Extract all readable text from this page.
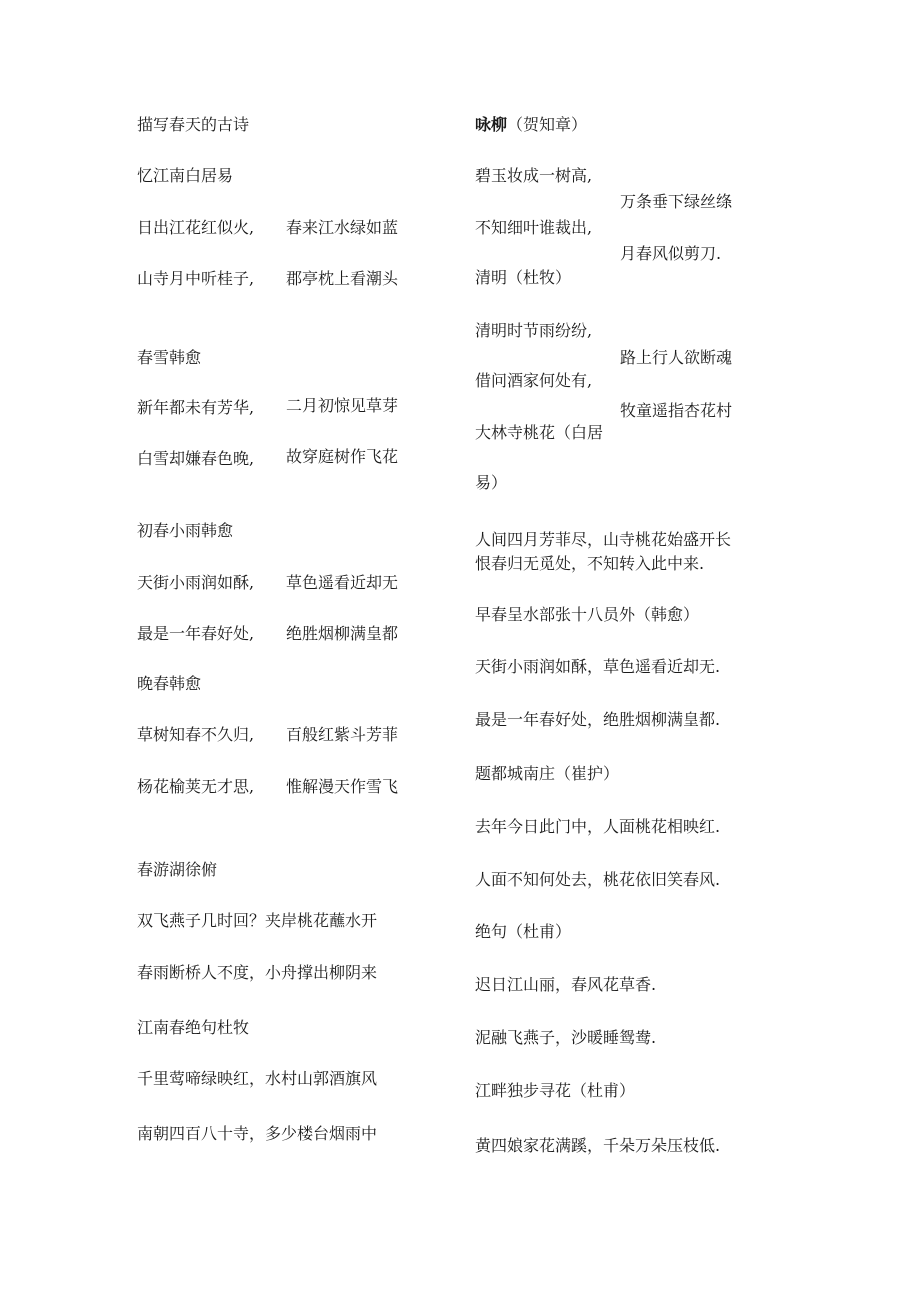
描写春天的古诗
忆江南白居易
日出江花红似火, 春来江水绿如蓝
山寺月中听桂子, 郡亭枕上看潮头
春雪韩愈
新年都未有芳华, 二月初惊见草芽
白雪却嫌春色晚, 故穿庭树作飞花
初春小雨韩愈
天街小雨润如酥, 草色遥看近却无
最是一年春好处, 绝胜烟柳满皇都
晚春韩愈
草树知春不久归, 百般红紫斗芳菲
杨花榆荚无才思, 惟解漫天作雪飞
春游湖徐俯
双飞燕子几时回？夹岸桃花蘸水开
春雨断桥人不度，小舟撑出柳阴来
江南春绝句杜牧
千里莺啼绿映红，水村山郭酒旗风
南朝四百八十寺，多少楼台烟雨中
咏柳（贺知章）
碧玉妆成一树高,
万条垂下绿丝绦
不知细叶谁裁出,
月春风似剪刀.
清明（杜牧）
清明时节雨纷纷,
路上行人欲断魂
借问酒家何处有,
牧童遥指杏花村
大林寺桃花（白居
易）
人间四月芳菲尽，山寺桃花始盛开长
恨春归无觅处，不知转入此中来.
早春呈水部张十八员外（韩愈）
天街小雨润如酥，草色遥看近却无.
最是一年春好处，绝胜烟柳满皇都.
题都城南庄（崔护）
去年今日此门中，人面桃花相映红.
人面不知何处去，桃花依旧笑春风.
绝句（杜甫）
迟日江山丽，春风花草香.
泥融飞燕子，沙暖睡鸳鸯.
江畔独步寻花（杜甫）
黄四娘家花满蹊，千朵万朵压枝低.
